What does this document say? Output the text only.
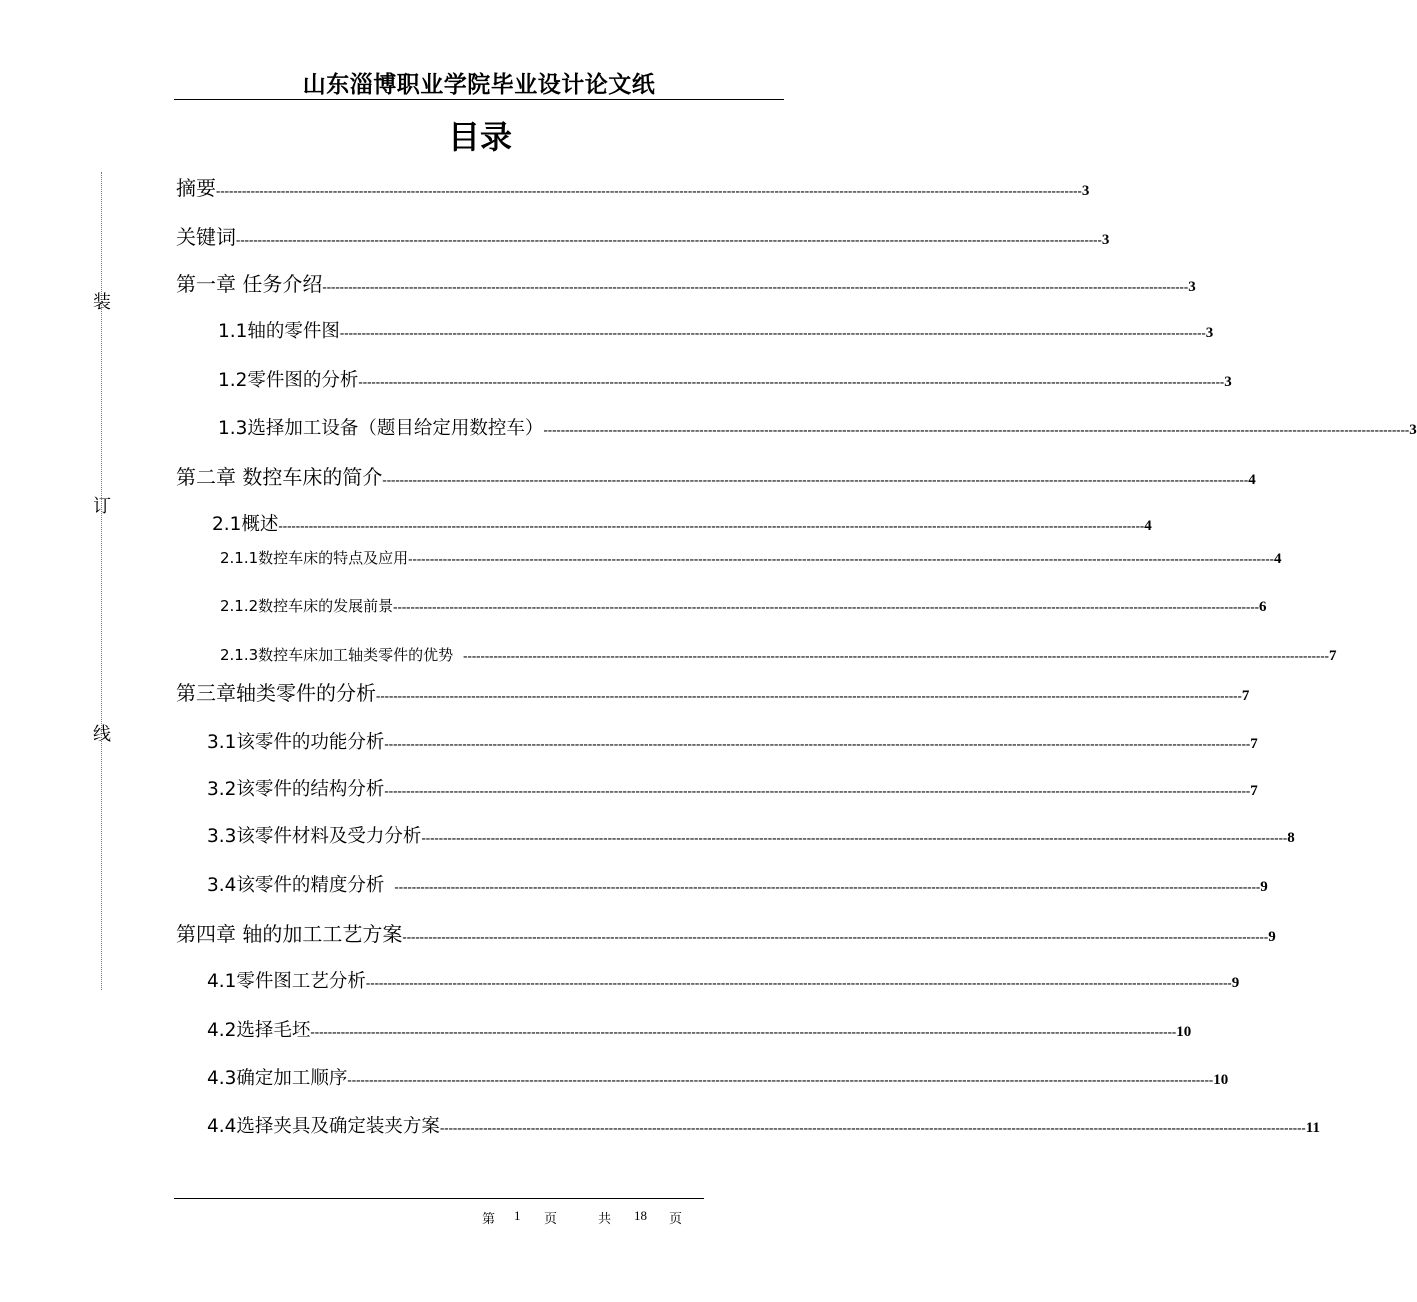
山东淄博职业学院毕业设计论文纸
目录
装
订
线
摘要 -------------------------------------------------------------------------------------------------------------------------------------------------------------------------------------------------------- 3
关键词 -------------------------------------------------------------------------------------------------------------------------------------------------------------------------------------------------------- 3
第一章 任务介绍 -------------------------------------------------------------------------------------------------------------------------------------------------------------------------------------------------------- 3
1.1轴的零件图 -------------------------------------------------------------------------------------------------------------------------------------------------------------------------------------------------------- 3
1.2零件图的分析 -------------------------------------------------------------------------------------------------------------------------------------------------------------------------------------------------------- 3
1.3选择加工设备（题目给定用数控车） -------------------------------------------------------------------------------------------------------------------------------------------------------------------------------------------------------- 3
第二章 数控车床的简介 -------------------------------------------------------------------------------------------------------------------------------------------------------------------------------------------------------- 4
2.1概述 -------------------------------------------------------------------------------------------------------------------------------------------------------------------------------------------------------- 4
2.1.1数控车床的特点及应用 -------------------------------------------------------------------------------------------------------------------------------------------------------------------------------------------------------- 4
2.1.2数控车床的发展前景 -------------------------------------------------------------------------------------------------------------------------------------------------------------------------------------------------------- 6
2.1.3数控车床加工轴类零件的优势 -------------------------------------------------------------------------------------------------------------------------------------------------------------------------------------------------------- 7
第三章轴类零件的分析 -------------------------------------------------------------------------------------------------------------------------------------------------------------------------------------------------------- 7
3.1该零件的功能分析 -------------------------------------------------------------------------------------------------------------------------------------------------------------------------------------------------------- 7
3.2该零件的结构分析 -------------------------------------------------------------------------------------------------------------------------------------------------------------------------------------------------------- 7
3.3该零件材料及受力分析 -------------------------------------------------------------------------------------------------------------------------------------------------------------------------------------------------------- 8
3.4该零件的精度分析 -------------------------------------------------------------------------------------------------------------------------------------------------------------------------------------------------------- 9
第四章 轴的加工工艺方案 -------------------------------------------------------------------------------------------------------------------------------------------------------------------------------------------------------- 9
4.1零件图工艺分析 -------------------------------------------------------------------------------------------------------------------------------------------------------------------------------------------------------- 9
4.2选择毛坯 -------------------------------------------------------------------------------------------------------------------------------------------------------------------------------------------------------- 10
4.3确定加工顺序 -------------------------------------------------------------------------------------------------------------------------------------------------------------------------------------------------------- 10
4.4选择夹具及确定装夹方案 -------------------------------------------------------------------------------------------------------------------------------------------------------------------------------------------------------- 11
第 1 页	共 18 页
